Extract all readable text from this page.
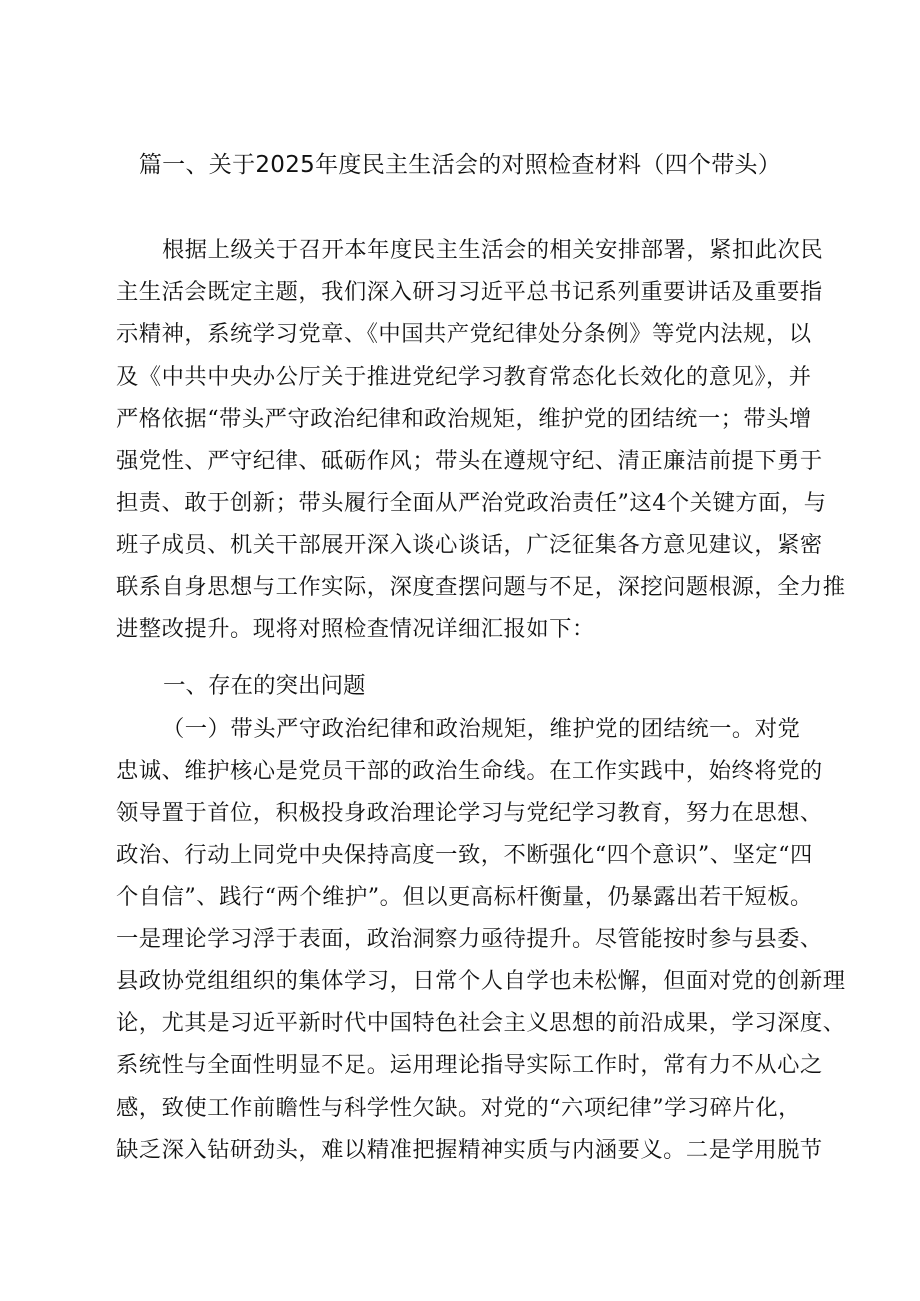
篇一、关于2025年度民主生活会的对照检查材料（四个带头）
根据上级关于召开本年度民主生活会的相关安排部署，紧扣此次民
主生活会既定主题，我们深入研习习近平总书记系列重要讲话及重要指
示精神，系统学习党章、《中国共产党纪律处分条例》等党内法规，以
及《中共中央办公厅关于推进党纪学习教育常态化长效化的意见》，并
严格依据“带头严守政治纪律和政治规矩，维护党的团结统一；带头增
强党性、严守纪律、砥砺作风；带头在遵规守纪、清正廉洁前提下勇于
担责、敢于创新；带头履行全面从严治党政治责任”这4个关键方面，与
班子成员、机关干部展开深入谈心谈话，广泛征集各方意见建议，紧密
联系自身思想与工作实际，深度查摆问题与不足，深挖问题根源，全力推
进整改提升。现将对照检查情况详细汇报如下：
一、存在的突出问题
（一）带头严守政治纪律和政治规矩，维护党的团结统一。对党
忠诚、维护核心是党员干部的政治生命线。在工作实践中，始终将党的
领导置于首位，积极投身政治理论学习与党纪学习教育，努力在思想、
政治、行动上同党中央保持高度一致，不断强化“四个意识”、坚定“四
个自信”、践行“两个维护”。但以更高标杆衡量，仍暴露出若干短板。
一是理论学习浮于表面，政治洞察力亟待提升。尽管能按时参与县委、
县政协党组组织的集体学习，日常个人自学也未松懈，但面对党的创新理
论，尤其是习近平新时代中国特色社会主义思想的前沿成果，学习深度、
系统性与全面性明显不足。运用理论指导实际工作时，常有力不从心之
感，致使工作前瞻性与科学性欠缺。对党的“六项纪律”学习碎片化，
缺乏深入钻研劲头，难以精准把握精神实质与内涵要义。二是学用脱节
